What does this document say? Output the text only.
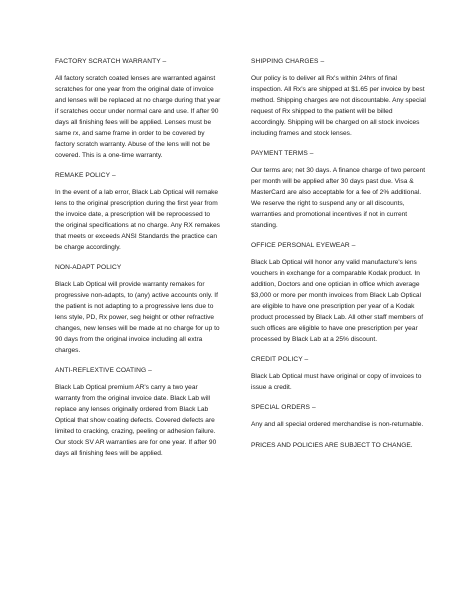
FACTORY SCRATCH WARRANTY –

All factory scratch coated lenses are warranted against scratches for one year from the original date of invoice and lenses will be replaced at no charge during that year if scratches occur under normal care and use. If after 90 days all finishing fees will be applied. Lenses must be same rx, and same frame in order to be covered by factory scratch warranty. Abuse of the lens will not be covered. This is a one-time warranty.

REMAKE POLICY –

In the event of a lab error, Black Lab Optical will remake lens to the original prescription during the first year from the invoice date, a prescription will be reprocessed to the original specifications at no charge. Any RX remakes that meets or exceeds ANSI Standards the practice can be charge accordingly.

NON-ADAPT POLICY

Black Lab Optical will provide warranty remakes for progressive non-adapts, to (any) active accounts only. If the patient is not adapting to a progressive lens due to lens style, PD, Rx power, seg height or other refractive changes, new lenses will be made at no charge for up to 90 days from the original invoice including all extra charges.

ANTI-REFLEXTIVE COATING –

Black Lab Optical premium AR's carry a two year warranty from the original invoice date. Black Lab will replace any lenses originally ordered from Black Lab Optical that show coating defects. Covered defects are limited to cracking, crazing, peeling or adhesion failure. Our stock SV AR warranties are for one year. If after 90 days all finishing fees will be applied.

SHIPPING CHARGES –

Our policy is to deliver all Rx's within 24hrs of final inspection. All Rx's are shipped at $1.65 per invoice by best method. Shipping charges are not discountable. Any special request of Rx shipped to the patient will be billed accordingly. Shipping will be charged on all stock invoices including frames and stock lenses.

PAYMENT TERMS –

Our terms are; net 30 days. A finance charge of two percent per month will be applied after 30 days past due. Visa & MasterCard are also acceptable for a fee of 2% additional. We reserve the right to suspend any or all discounts, warranties and promotional incentives if not in current standing.

OFFICE PERSONAL EYEWEAR –

Black Lab Optical will honor any valid manufacture's lens vouchers in exchange for a comparable Kodak product. In addition, Doctors and one optician in office which average $3,000 or more per month invoices from Black Lab Optical are eligible to have one prescription per year of a Kodak product processed by Black Lab. All other staff members of such offices are eligible to have one prescription per year processed by Black Lab at a 25% discount.

CREDIT POLICY –

Black Lab Optical must have original or copy of invoices to issue a credit.

SPECIAL ORDERS –

Any and all special ordered merchandise is non-returnable.

PRICES AND POLICIES ARE SUBJECT TO CHANGE.
